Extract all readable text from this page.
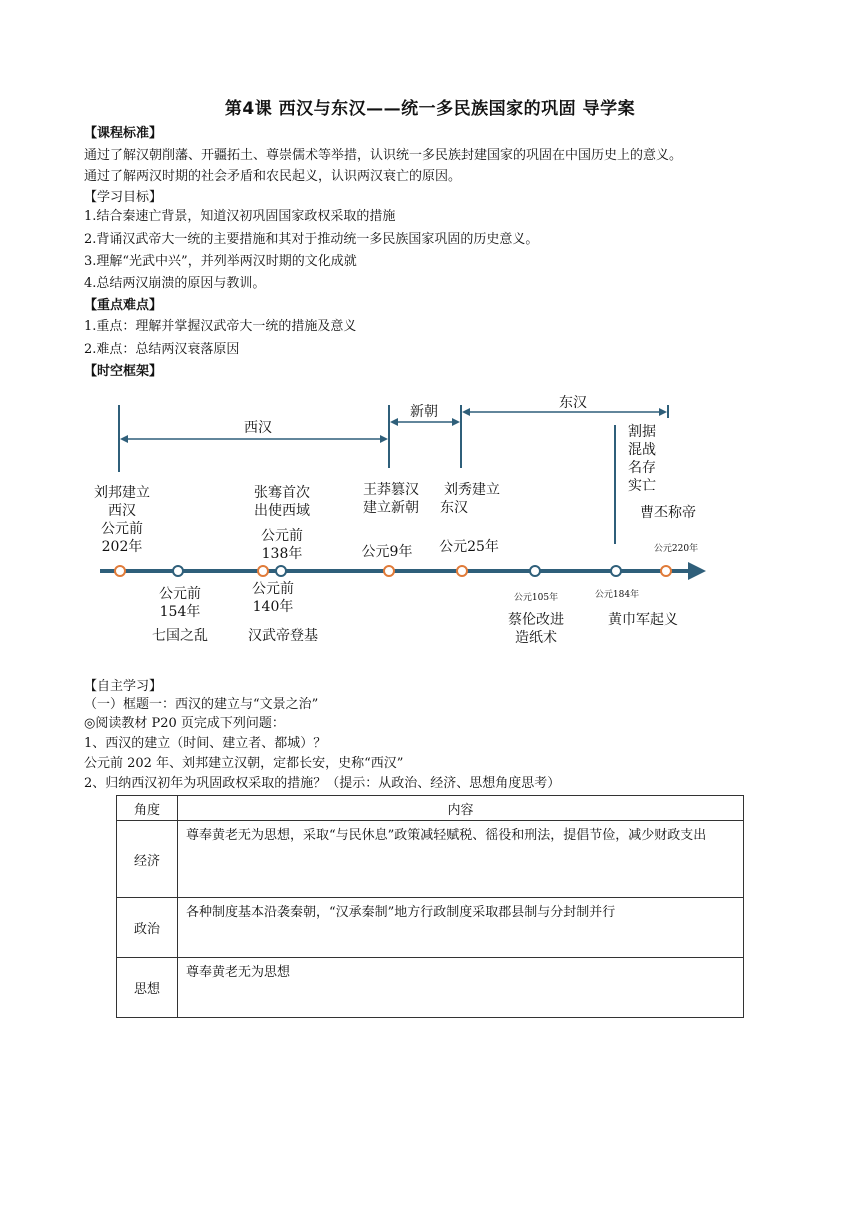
第4课 西汉与东汉——统一多民族国家的巩固 导学案
【课程标准】
通过了解汉朝削藩、开疆拓土、尊崇儒术等举措，认识统一多民族封建国家的巩固在中国历史上的意义。
通过了解两汉时期的社会矛盾和农民起义，认识两汉衰亡的原因。
【学习目标】
1.结合秦速亡背景，知道汉初巩固国家政权采取的措施
2.背诵汉武帝大一统的主要措施和其对于推动统一多民族国家巩固的历史意义。
3.理解“光武中兴”，并列举两汉时期的文化成就
4.总结两汉崩溃的原因与教训。
【重点难点】
1.重点：理解并掌握汉武帝大一统的措施及意义
2.难点：总结两汉衰落原因
【时空框架】
西汉
新朝
东汉
刘邦建立
西汉
公元前
202年
张骞首次
出使西域
公元前
138年
王莽篡汉
建立新朝
公元9年
刘秀建立
东汉
公元25年
割据
混战
名存
实亡
曹丕称帝
公元220年
公元前
154年
七国之乱
公元前
140年
汉武帝登基
公元105年
蔡伦改进
造纸术
公元184年
黄巾军起义
【自主学习】
（一）框题一：西汉的建立与“文景之治”
◎阅读教材 P20 页完成下列问题：
1、西汉的建立（时间、建立者、都城）？
公元前 202 年、刘邦建立汉朝，定都长安，史称“西汉”
2、归纳西汉初年为巩固政权采取的措施？（提示：从政治、经济、思想角度思考）
角度	内容
经济	尊奉黄老无为思想，采取“与民休息”政策减轻赋税、徭役和刑法，提倡节俭，减少财政支出
政治	各种制度基本沿袭秦朝，“汉承秦制”地方行政制度采取郡县制与分封制并行
思想	尊奉黄老无为思想
